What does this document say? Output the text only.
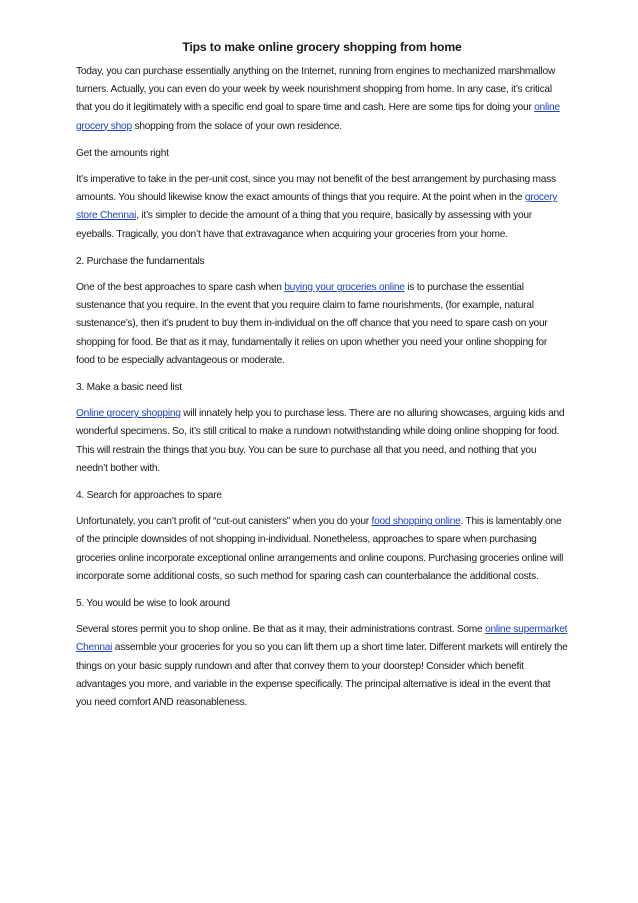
Tips to make online grocery shopping from home

Today, you can purchase essentially anything on the Internet, running from engines to mechanized marshmallow turners. Actually, you can even do your week by week nourishment shopping from home. In any case, it’s critical that you do it legitimately with a specific end goal to spare time and cash. Here are some tips for doing your online grocery shop shopping from the solace of your own residence.

Get the amounts right

It’s imperative to take in the per-unit cost, since you may not benefit of the best arrangement by purchasing mass amounts. You should likewise know the exact amounts of things that you require. At the point when in the grocery store Chennai, it’s simpler to decide the amount of a thing that you require, basically by assessing with your eyeballs. Tragically, you don’t have that extravagance when acquiring your groceries from your home.

2. Purchase the fundamentals

One of the best approaches to spare cash when buying your groceries online is to purchase the essential sustenance that you require. In the event that you require claim to fame nourishments, (for example, natural sustenance’s), then it’s prudent to buy them in-individual on the off chance that you need to spare cash on your shopping for food. Be that as it may, fundamentally it relies on upon whether you need your online shopping for food to be especially advantageous or moderate.

3. Make a basic need list

Online grocery shopping will innately help you to purchase less. There are no alluring showcases, arguing kids and wonderful specimens. So, it’s still critical to make a rundown notwithstanding while doing online shopping for food. This will restrain the things that you buy. You can be sure to purchase all that you need, and nothing that you needn’t bother with.

4. Search for approaches to spare

Unfortunately, you can’t profit of “cut-out canisters” when you do your food shopping online. This is lamentably one of the principle downsides of not shopping in-individual. Nonetheless, approaches to spare when purchasing groceries online incorporate exceptional online arrangements and online coupons. Purchasing groceries online will incorporate some additional costs, so such method for sparing cash can counterbalance the additional costs.

5. You would be wise to look around

Several stores permit you to shop online. Be that as it may, their administrations contrast. Some online supermarket Chennai assemble your groceries for you so you can lift them up a short time later. Different markets will entirely the things on your basic supply rundown and after that convey them to your doorstep! Consider which benefit advantages you more, and variable in the expense specifically. The principal alternative is ideal in the event that you need comfort AND reasonableness.
